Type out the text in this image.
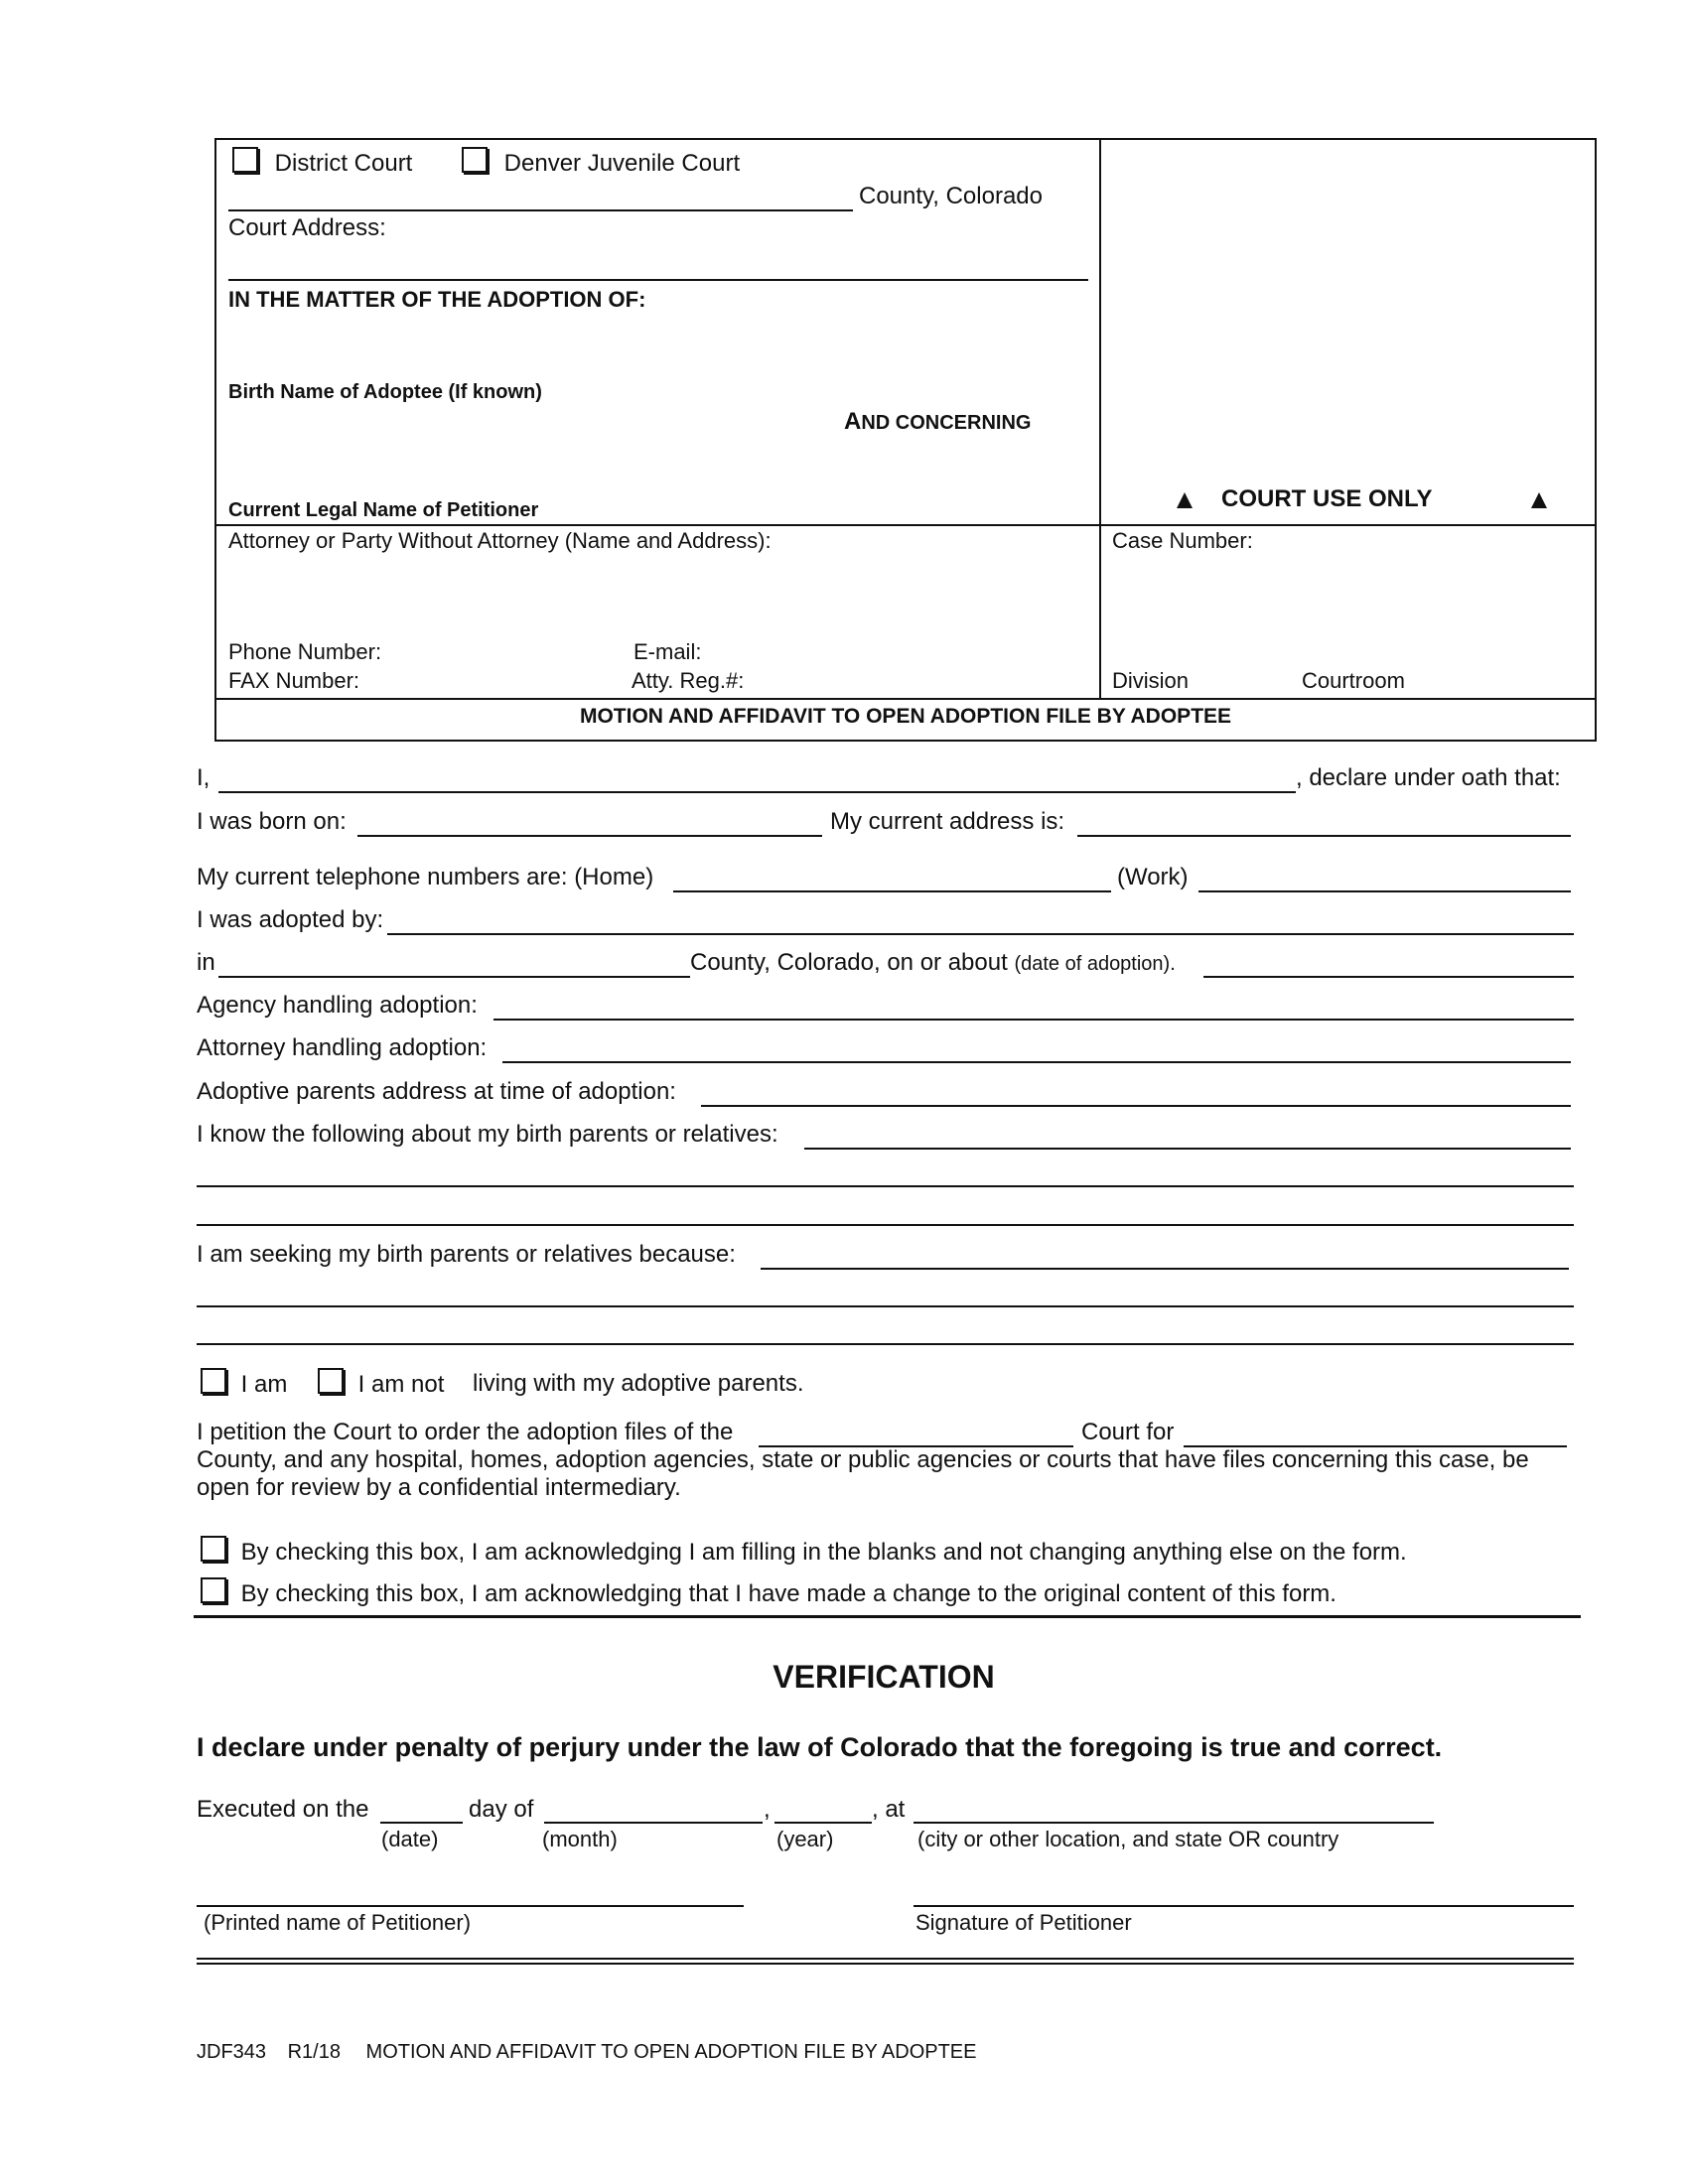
District Court	Denver Juvenile Court
County, Colorado
Court Address:
IN THE MATTER OF THE ADOPTION OF:
Birth Name of Adoptee (If known)
AND CONCERNING
Current Legal Name of Petitioner	COURT USE ONLY
Attorney or Party Without Attorney (Name and Address):
Phone Number:	E-mail:
FAX Number:	Atty. Reg.#:
Case Number:
Division	Courtroom
MOTION AND AFFIDAVIT TO OPEN ADOPTION FILE BY ADOPTEE
I,	, declare under oath that:
I was born on:	My current address is:
My current telephone numbers are: (Home)	(Work)
I was adopted by:
in	County, Colorado, on or about (date of adoption).
Agency handling adoption:
Attorney handling adoption:
Adoptive parents address at time of adoption:
I know the following about my birth parents or relatives:
I am seeking my birth parents or relatives because:
I am	I am not living with my adoptive parents.
I petition the Court to order the adoption files of the	Court for
County, and any hospital, homes, adoption agencies, state or public agencies or courts that have files concerning this case, be
open for review by a confidential intermediary.
By checking this box, I am acknowledging I am filling in the blanks and not changing anything else on the form.
By checking this box, I am acknowledging that I have made a change to the original content of this form.
VERIFICATION
I declare under penalty of perjury under the law of Colorado that the foregoing is true and correct.
Executed on the	day of	,	, at
(date)	(month)	(year)	(city or other location, and state OR country
(Printed name of Petitioner)	Signature of Petitioner
JDF343 R1/18 MOTION AND AFFIDAVIT TO OPEN ADOPTION FILE BY ADOPTEE
